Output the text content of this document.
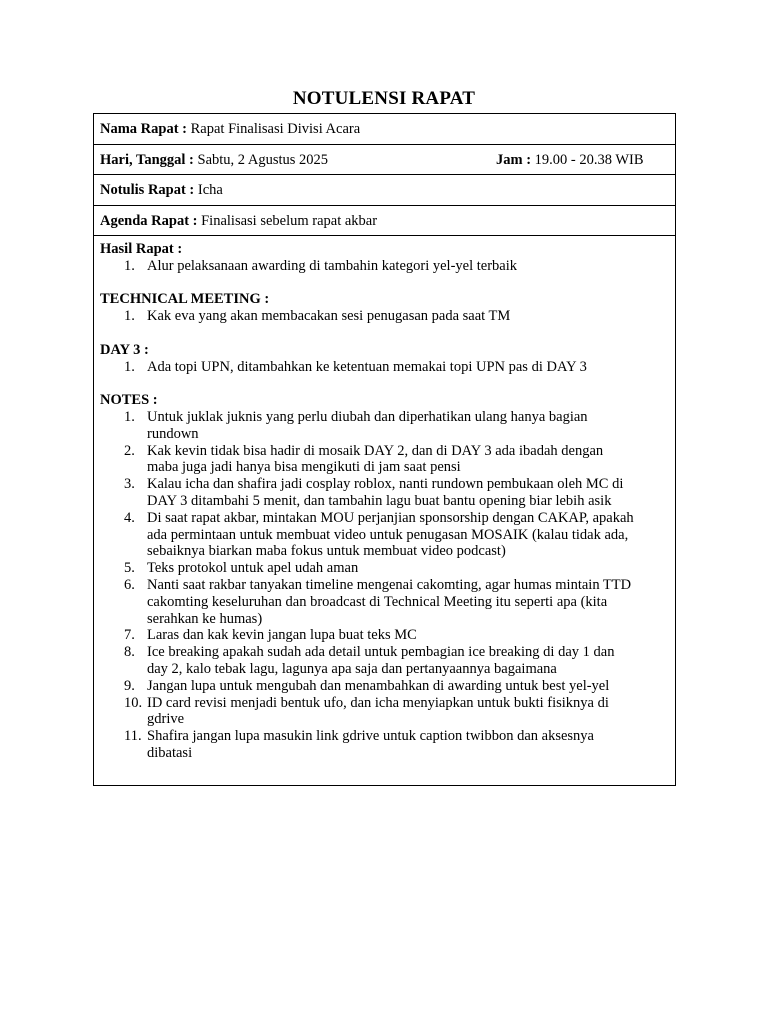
NOTULENSI RAPAT
Nama Rapat : Rapat Finalisasi Divisi Acara
Hari, Tanggal : Sabtu, 2 Agustus 2025	Jam : 19.00 - 20.38 WIB
Notulis Rapat : Icha
Agenda Rapat : Finalisasi sebelum rapat akbar
Hasil Rapat :
1. Alur pelaksanaan awarding di tambahin kategori yel-yel terbaik
TECHNICAL MEETING :
1. Kak eva yang akan membacakan sesi penugasan pada saat TM
DAY 3 :
1. Ada topi UPN, ditambahkan ke ketentuan memakai topi UPN pas di DAY 3
NOTES :
1. Untuk juklak juknis yang perlu diubah dan diperhatikan ulang hanya bagian
rundown
2. Kak kevin tidak bisa hadir di mosaik DAY 2, dan di DAY 3 ada ibadah dengan
maba juga jadi hanya bisa mengikuti di jam saat pensi
3. Kalau icha dan shafira jadi cosplay roblox, nanti rundown pembukaan oleh MC di
DAY 3 ditambahi 5 menit, dan tambahin lagu buat bantu opening biar lebih asik
4. Di saat rapat akbar, mintakan MOU perjanjian sponsorship dengan CAKAP, apakah
ada permintaan untuk membuat video untuk penugasan MOSAIK (kalau tidak ada,
sebaiknya biarkan maba fokus untuk membuat video podcast)
5. Teks protokol untuk apel udah aman
6. Nanti saat rakbar tanyakan timeline mengenai cakomting, agar humas mintain TTD
cakomting keseluruhan dan broadcast di Technical Meeting itu seperti apa (kita
serahkan ke humas)
7. Laras dan kak kevin jangan lupa buat teks MC
8. Ice breaking apakah sudah ada detail untuk pembagian ice breaking di day 1 dan
day 2, kalo tebak lagu, lagunya apa saja dan pertanyaannya bagaimana
9. Jangan lupa untuk mengubah dan menambahkan di awarding untuk best yel-yel
10. ID card revisi menjadi bentuk ufo, dan icha menyiapkan untuk bukti fisiknya di
gdrive
11. Shafira jangan lupa masukin link gdrive untuk caption twibbon dan aksesnya
dibatasi
